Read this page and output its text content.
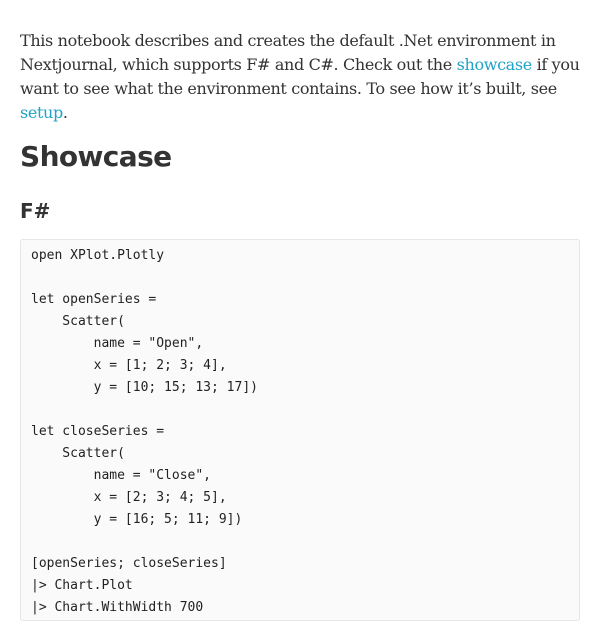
This notebook describes and creates the default .Net environment in Nextjournal, which supports F# and C#. Check out the showcase if you want to see what the environment contains. To see how it’s built, see setup.

Showcase
F#
open XPlot.Plotly

let openSeries =
Scatter(
name = "Open",
x = [1; 2; 3; 4],
y = [10; 15; 13; 17])

let closeSeries =
Scatter(
name = "Close",
x = [2; 3; 4; 5],
y = [16; 5; 11; 9])

[openSeries; closeSeries]
|> Chart.Plot
|> Chart.WithWidth 700
